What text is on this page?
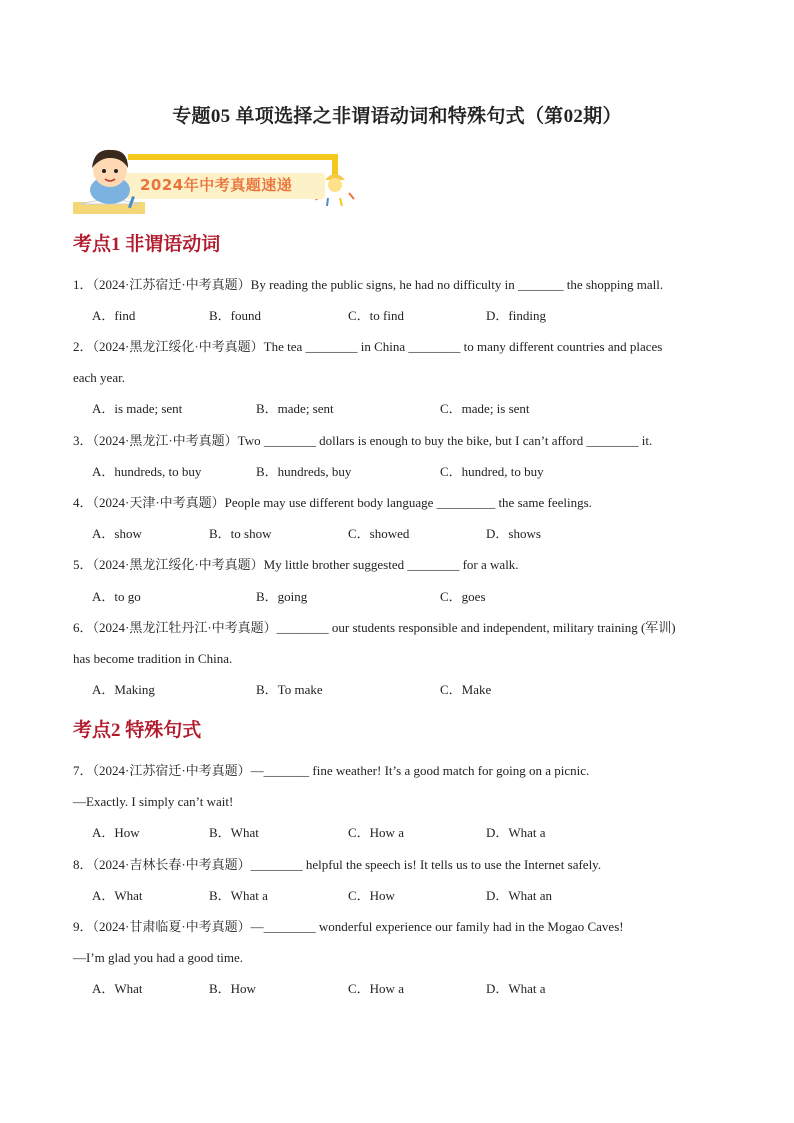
专题05 单项选择之非谓语动词和特殊句式（第02期）
2024年中考真题速递
考点1 非谓语动词
1．（2024·江苏宿迁·中考真题）By reading the public signs, he had no difficulty in _______ the shopping mall.
A．find	B．found	C．to find	D．finding
2．（2024·黑龙江绥化·中考真题）The tea ________ in China ________ to many different countries and places
each year.
A．is made; sent	B．made; sent	C．made; is sent
3．（2024·黑龙江·中考真题）Two ________ dollars is enough to buy the bike, but I can’t afford ________ it.
A．hundreds, to buy	B．hundreds, buy	C．hundred, to buy
4．（2024·天津·中考真题）People may use different body language _________ the same feelings.
A．show	B．to show	C．showed	D．shows
5．（2024·黑龙江绥化·中考真题）My little brother suggested ________ for a walk.
A．to go	B．going	C．goes
6．（2024·黑龙江牡丹江·中考真题）________ our students responsible and independent, military training (军训)
has become tradition in China.
A．Making	B．To make	C．Make
考点2 特殊句式
7．（2024·江苏宿迁·中考真题）—_______ fine weather! It’s a good match for going on a picnic.
—Exactly. I simply can’t wait!
A．How	B．What	C．How a	D．What a
8．（2024·吉林长春·中考真题）________ helpful the speech is! It tells us to use the Internet safely.
A．What	B．What a	C．How	D．What an
9．（2024·甘肃临夏·中考真题）—________ wonderful experience our family had in the Mogao Caves!
—I’m glad you had a good time.
A．What	B．How	C．How a	D．What a
